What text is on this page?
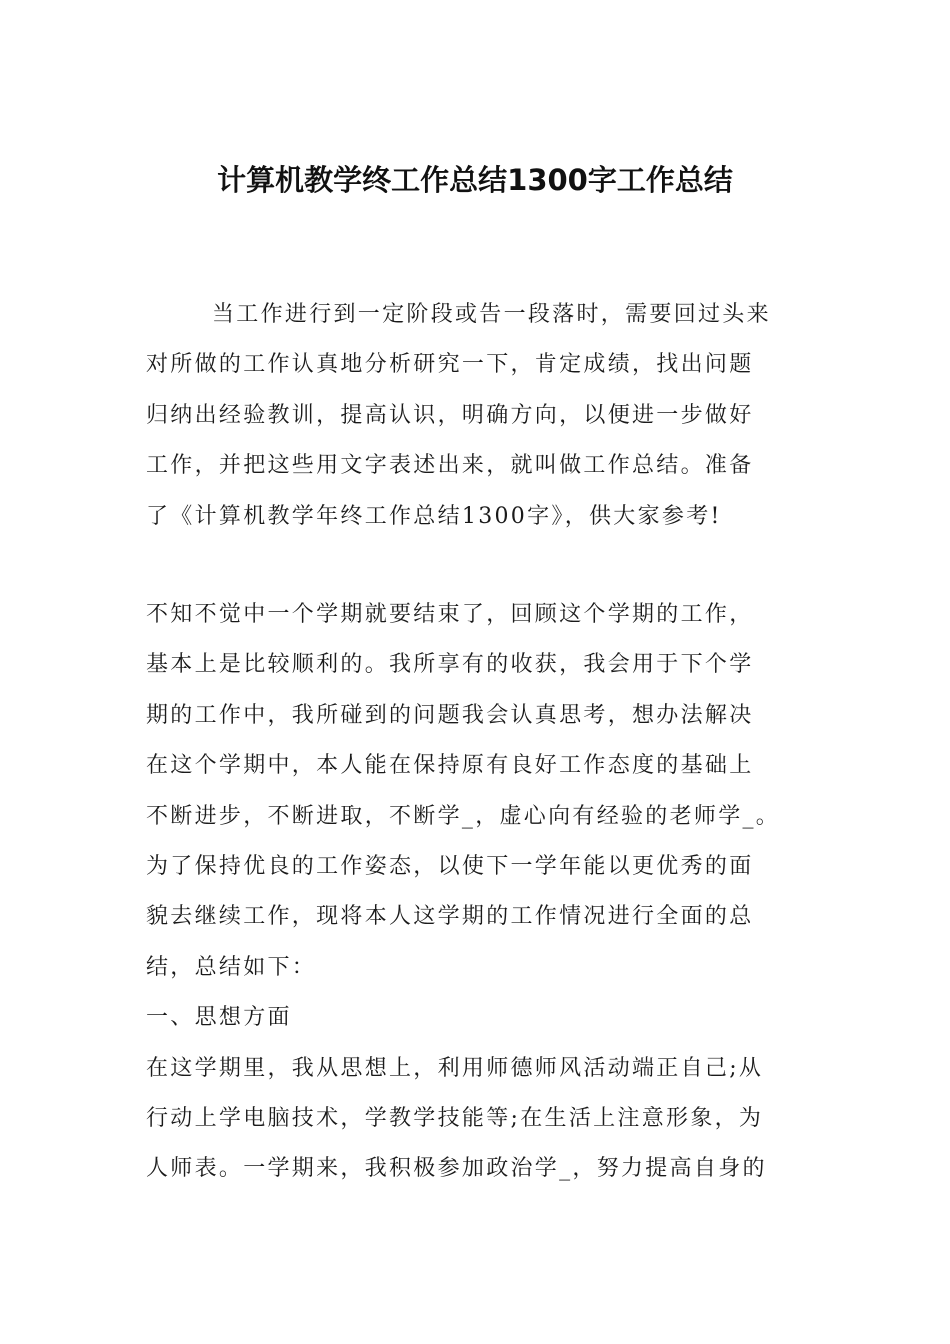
计算机教学终工作总结1300字工作总结
当工作进行到一定阶段或告一段落时，需要回过头来
对所做的工作认真地分析研究一下，肯定成绩，找出问题
归纳出经验教训，提高认识，明确方向，以便进一步做好
工作，并把这些用文字表述出来，就叫做工作总结。准备
了《计算机教学年终工作总结1300字》，供大家参考!
不知不觉中一个学期就要结束了，回顾这个学期的工作，
基本上是比较顺利的。我所享有的收获，我会用于下个学
期的工作中，我所碰到的问题我会认真思考，想办法解决
在这个学期中，本人能在保持原有良好工作态度的基础上
不断进步，不断进取，不断学_，虚心向有经验的老师学_。
为了保持优良的工作姿态，以使下一学年能以更优秀的面
貌去继续工作，现将本人这学期的工作情况进行全面的总
结，总结如下：
一、思想方面
在这学期里，我从思想上，利用师德师风活动端正自己;从
行动上学电脑技术，学教学技能等;在生活上注意形象，为
人师表。一学期来，我积极参加政治学_，努力提高自身的
